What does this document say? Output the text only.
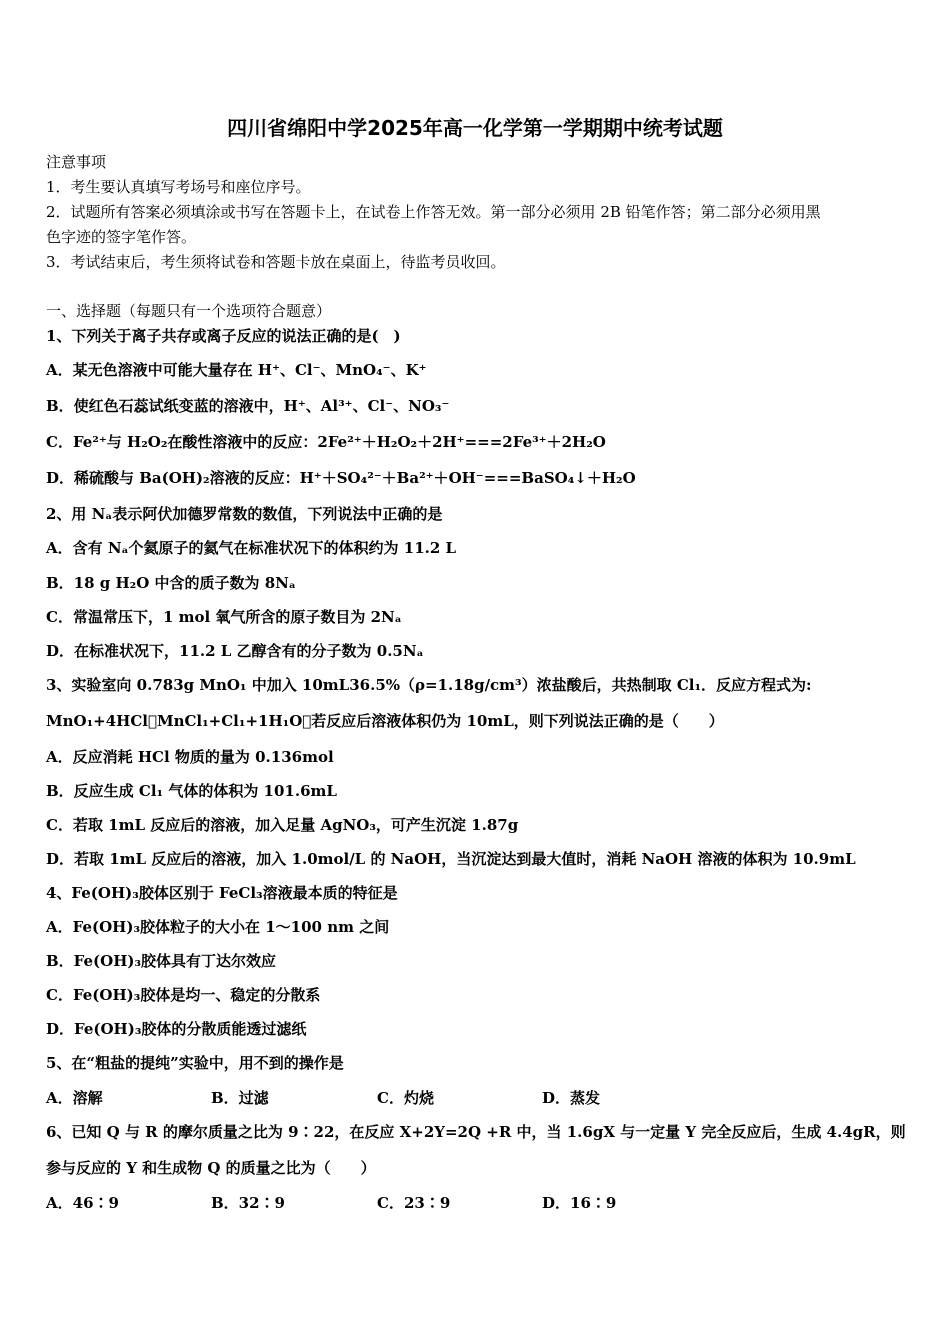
四川省绵阳中学2025年高一化学第一学期期中统考试题
注意事项
1．考生要认真填写考场号和座位序号。
2．试题所有答案必须填涂或书写在答题卡上，在试卷上作答无效。第一部分必须用 2B 铅笔作答；第二部分必须用黑
色字迹的签字笔作答。
3．考试结束后，考生须将试卷和答题卡放在桌面上，待监考员收回。
一、选择题（每题只有一个选项符合题意）
1、下列关于离子共存或离子反应的说法正确的是(　)
A．某无色溶液中可能大量存在 H⁺、Cl⁻、MnO₄⁻、K⁺
B．使红色石蕊试纸变蓝的溶液中，H⁺、Al³⁺、Cl⁻、NO₃⁻
C．Fe²⁺与 H₂O₂在酸性溶液中的反应：2Fe²⁺＋H₂O₂＋2H⁺===2Fe³⁺＋2H₂O
D．稀硫酸与 Ba(OH)₂溶液的反应：H⁺＋SO₄²⁻＋Ba²⁺＋OH⁻===BaSO₄↓＋H₂O
2、用 Nₐ表示阿伏加德罗常数的数值，下列说法中正确的是
A．含有 Nₐ个氦原子的氦气在标准状况下的体积约为 11.2 L
B．18 g H₂O 中含的质子数为 8Nₐ
C．常温常压下，1 mol 氧气所含的原子数目为 2Nₐ
D．在标准状况下，11.2 L 乙醇含有的分子数为 0.5Nₐ
3、实验室向 0.783g MnO₁ 中加入 10mL36.5%（ρ=1.18g/cm³）浓盐酸后，共热制取 Cl₁．反应方程式为:
MnO₁+4HCl⃞MnCl₁+Cl₁+1H₁O，若反应后溶液体积仍为 10mL，则下列说法正确的是（　　）
A．反应消耗 HCl 物质的量为 0.136mol
B．反应生成 Cl₁ 气体的体积为 101.6mL
C．若取 1mL 反应后的溶液，加入足量 AgNO₃，可产生沉淀 1.87g
D．若取 1mL 反应后的溶液，加入 1.0mol/L 的 NaOH，当沉淀达到最大值时，消耗 NaOH 溶液的体积为 10.9mL
4、Fe(OH)₃胶体区别于 FeCl₃溶液最本质的特征是
A．Fe(OH)₃胶体粒子的大小在 1～100 nm 之间
B．Fe(OH)₃胶体具有丁达尔效应
C．Fe(OH)₃胶体是均一、稳定的分散系
D．Fe(OH)₃胶体的分散质能透过滤纸
5、在“粗盐的提纯”实验中，用不到的操作是
A．溶解	B．过滤	C．灼烧	D．蒸发
6、已知 Q 与 R 的摩尔质量之比为 9∶22，在反应 X+2Y=2Q +R 中，当 1.6gX 与一定量 Y 完全反应后，生成 4.4gR，则
参与反应的 Y 和生成物 Q 的质量之比为（　　）
A．46∶9	B．32∶9	C．23∶9	D．16∶9
